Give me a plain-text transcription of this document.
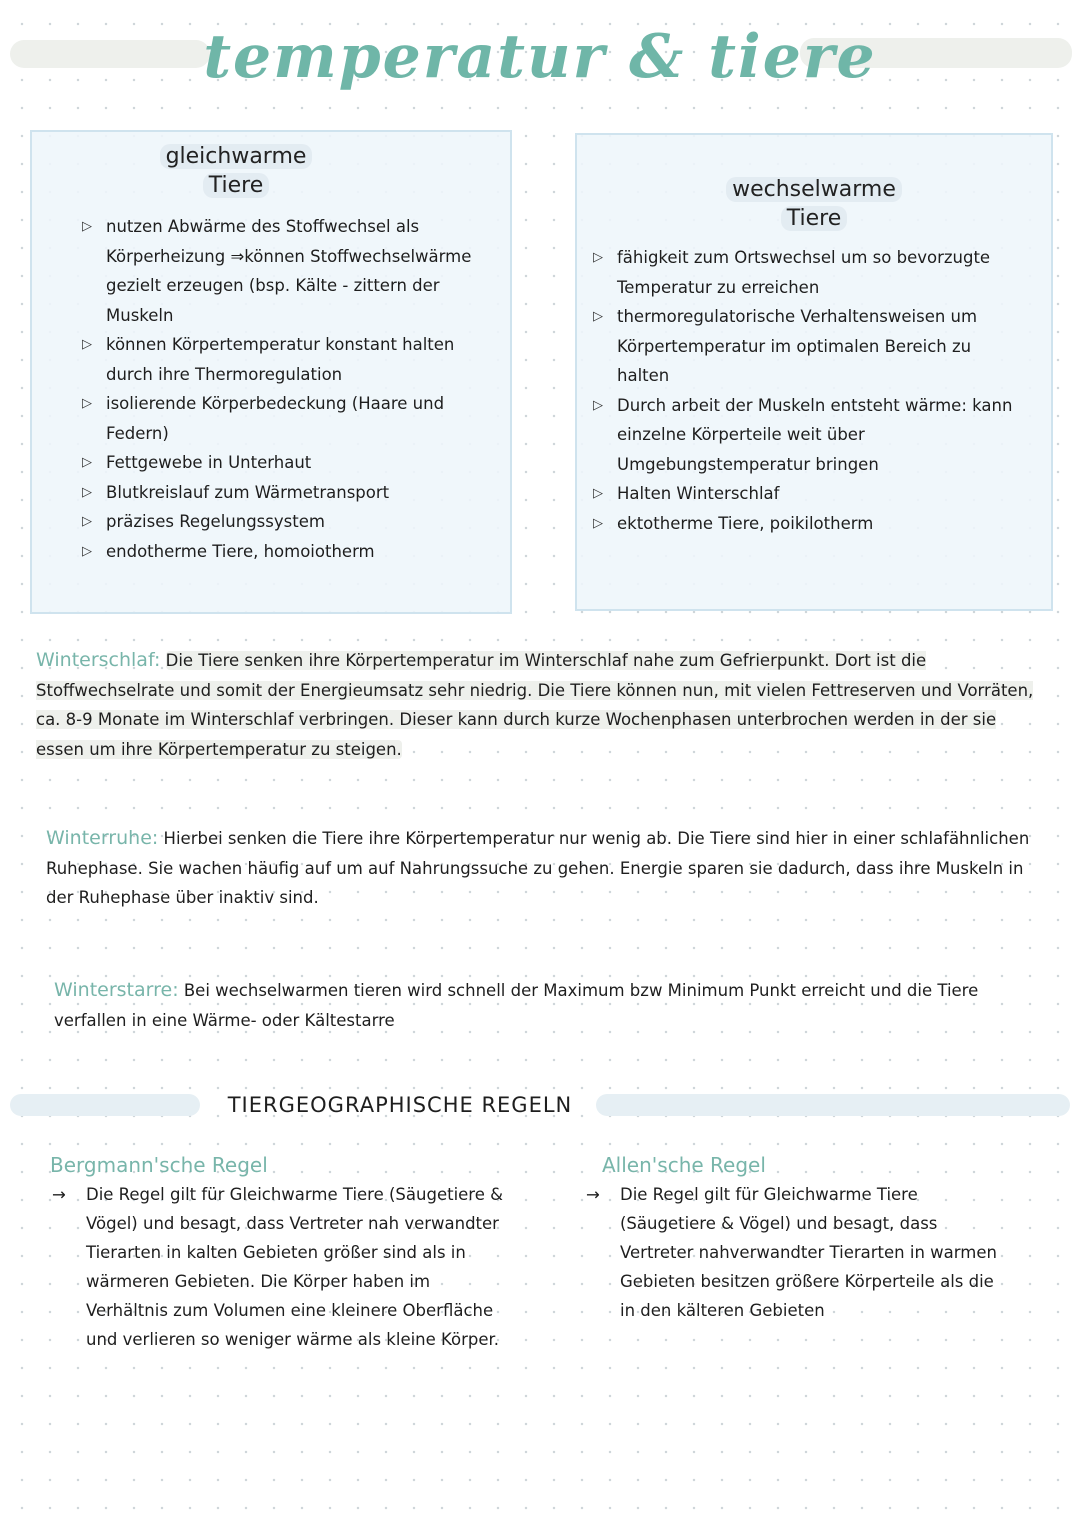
temperatur & tiere
gleichwarme
Tiere
▷ nutzen Abwärme des Stoffwechsel als Körperheizung ⇒können Stoffwechselwärme gezielt erzeugen (bsp. Kälte - zittern der Muskeln
▷ können Körpertemperatur konstant halten durch ihre Thermoregulation
▷ isolierende Körperbedeckung (Haare und Federn)
▷ Fettgewebe in Unterhaut
▷ Blutkreislauf zum Wärmetransport
▷ präzises Regelungssystem
▷ endotherme Tiere, homoiotherm
wechselwarme
Tiere
▷ fähigkeit zum Ortswechsel um so bevorzugte Temperatur zu erreichen
▷ thermoregulatorische Verhaltensweisen um Körpertemperatur im optimalen Bereich zu halten
▷ Durch arbeit der Muskeln entsteht wärme: kann einzelne Körperteile weit über Umgebungstemperatur bringen
▷ Halten Winterschlaf
▷ ektotherme Tiere, poikilotherm
Winterschlaf: Die Tiere senken ihre Körpertemperatur im Winterschlaf nahe zum Gefrierpunkt. Dort ist die Stoffwechselrate und somit der Energieumsatz sehr niedrig. Die Tiere können nun, mit vielen Fettreserven und Vorräten, ca. 8-9 Monate im Winterschlaf verbringen. Dieser kann durch kurze Wochenphasen unterbrochen werden in der sie essen um ihre Körpertemperatur zu steigen.
Winterruhe: Hierbei senken die Tiere ihre Körpertemperatur nur wenig ab. Die Tiere sind hier in einer schlafähnlichen Ruhephase. Sie wachen häufig auf um auf Nahrungssuche zu gehen. Energie sparen sie dadurch, dass ihre Muskeln in der Ruhephase über inaktiv sind.
Winterstarre: Bei wechselwarmen tieren wird schnell der Maximum bzw Minimum Punkt erreicht und die Tiere verfallen in eine Wärme- oder Kältestarre
TIERGEOGRAPHISCHE REGELN
Bergmann'sche Regel
→ Die Regel gilt für Gleichwarme Tiere (Säugetiere & Vögel) und besagt, dass Vertreter nah verwandter Tierarten in kalten Gebieten größer sind als in wärmeren Gebieten. Die Körper haben im Verhältnis zum Volumen eine kleinere Oberfläche und verlieren so weniger wärme als kleine Körper.
Allen'sche Regel
→ Die Regel gilt für Gleichwarme Tiere (Säugetiere & Vögel) und besagt, dass Vertreter nahverwandter Tierarten in warmen Gebieten besitzen größere Körperteile als die in den kälteren Gebieten
